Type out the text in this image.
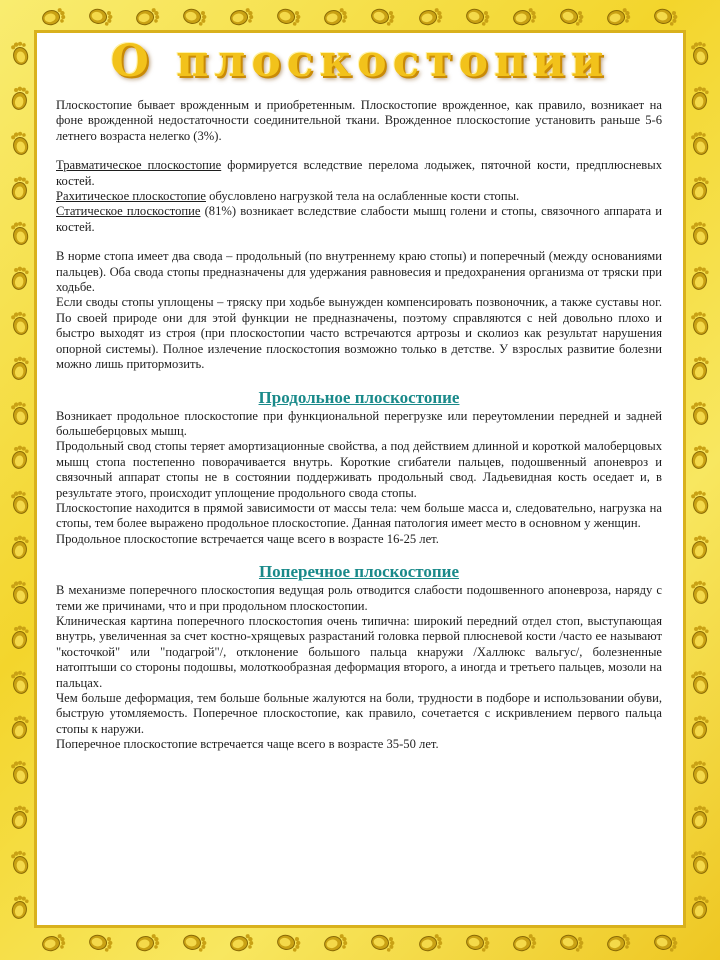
О плоскостопии

Плоскостопие бывает врожденным и приобретенным. Плоскостопие врожденное, как правило, возникает на фоне врожденной недостаточности соединительной ткани. Врожденное плоскостопие установить раньше 5-6 летнего возраста нелегко (3%).

Травматическое плоскостопие формируется вследствие перелома лодыжек, пяточной кости, предплюсневых костей.

Рахитическое плоскостопие обусловлено нагрузкой тела на ослабленные кости стопы.

Статическое плоскостопие (81%) возникает вследствие слабости мышц голени и стопы, связочного аппарата и костей.

В норме стопа имеет два свода – продольный (по внутреннему краю стопы) и поперечный (между основаниями пальцев). Оба свода стопы предназначены для удержания равновесия и предохранения организма от тряски при ходьбе.

Если своды стопы уплощены – тряску при ходьбе вынужден компенсировать позвоночник, а также суставы ног. По своей природе они для этой функции не предназначены, поэтому справляются с ней довольно плохо и быстро выходят из строя (при плоскостопии часто встречаются артрозы и сколиоз как результат нарушения опорной системы). Полное излечение плоскостопия возможно только в детстве. У взрослых развитие болезни можно лишь притормозить.

Продольное плоскостопие

Возникает продольное плоскостопие при функциональной перегрузке или переутомлении передней и задней большеберцовых мышц.

Продольный свод стопы теряет амортизационные свойства, а под действием длинной и короткой малоберцовых мышц стопа постепенно поворачивается внутрь. Короткие сгибатели пальцев, подошвенный апоневроз и связочный аппарат стопы не в состоянии поддерживать продольный свод. Ладьевидная кость оседает и, в результате этого, происходит уплощение продольного свода стопы.

Плоскостопие находится в прямой зависимости от массы тела: чем больше масса и, следовательно, нагрузка на стопы, тем более выражено продольное плоскостопие. Данная патология имеет место в основном у женщин.

Продольное плоскостопие встречается чаще всего в возрасте 16-25 лет.

Поперечное плоскостопие

В механизме поперечного плоскостопия ведущая роль отводится слабости подошвенного апоневроза, наряду с теми же причинами, что и при продольном плоскостопии.

Клиническая картина поперечного плоскостопия очень типична: широкий передний отдел стоп, выступающая внутрь, увеличенная за счет костно-хрящевых разрастаний головка первой плюсневой кости /часто ее называют "косточкой" или "подагрой"/, отклонение большого пальца кнаружи /Халлюкс вальгус/, болезненные натоптыши со стороны подошвы, молоткообразная деформация второго, а иногда и третьего пальцев, мозоли на пальцах.

Чем больше деформация, тем больше больные жалуются на боли, трудности в подборе и использовании обуви, быструю утомляемость. Поперечное плоскостопие, как правило, сочетается с искривлением первого пальца стопы к наружи.

Поперечное плоскостопие встречается чаще всего в возрасте 35-50 лет.
